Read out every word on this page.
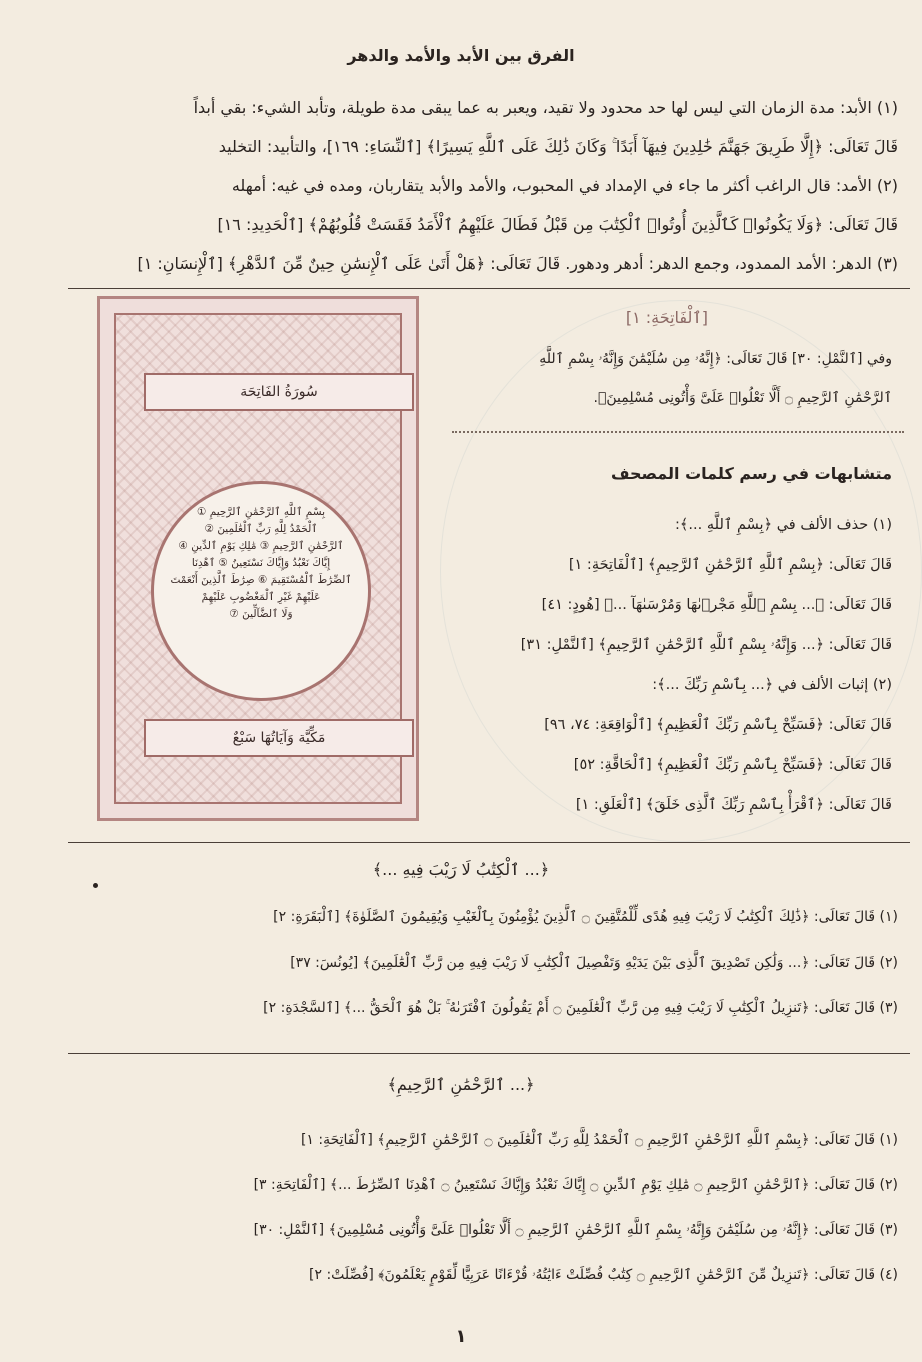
الفرق بين الأبد والأمد والدهر
(١) الأبد: مدة الزمان التي ليس لها حد محدود ولا تقيد، ويعبر به عما يبقى مدة طويلة، وتأبد الشيء: بقي أبداً
قَالَ تَعَالَى: ﴿إِلَّا طَرِيقَ جَهَنَّمَ خَٰلِدِينَ فِيهَآ أَبَدًا ۚ وَكَانَ ذَٰلِكَ عَلَى ٱللَّهِ يَسِيرًا﴾ [ٱلنِّسَاءِ: ١٦٩]، والتأبيد: التخليد
(٢) الأمد: قال الراغب أكثر ما جاء في الإمداد في المحبوب، والأمد والأبد يتقاربان، ومده في غيه: أمهله
قَالَ تَعَالَى: ﴿وَلَا يَكُونُوا۟ كَٱلَّذِينَ أُوتُوا۟ ٱلْكِتَٰبَ مِن قَبْلُ فَطَالَ عَلَيْهِمُ ٱلْأَمَدُ فَقَسَتْ قُلُوبُهُمْ﴾ [ٱلْحَدِيدِ: ١٦]
(٣) الدهر: الأمد الممدود، وجمع الدهر: أدهر ودهور. قَالَ تَعَالَى: ﴿هَلْ أَتَىٰ عَلَى ٱلْإِنسَٰنِ حِينٌ مِّنَ ٱلدَّهْرِ﴾ [ٱلْإِنسَانِ: ١]
سُورَةُ الفَاتِحَة
بِسْمِ ٱللَّهِ ٱلرَّحْمَٰنِ ٱلرَّحِيمِ ①
ٱلْحَمْدُ لِلَّهِ رَبِّ ٱلْعَٰلَمِينَ ②
ٱلرَّحْمَٰنِ ٱلرَّحِيمِ ③ مَٰلِكِ يَوْمِ ٱلدِّينِ ④
إِيَّاكَ نَعْبُدُ وَإِيَّاكَ نَسْتَعِينُ ⑤ ٱهْدِنَا
ٱلصِّرَٰطَ ٱلْمُسْتَقِيمَ ⑥ صِرَٰطَ ٱلَّذِينَ أَنْعَمْتَ
عَلَيْهِمْ غَيْرِ ٱلْمَغْضُوبِ عَلَيْهِمْ
وَلَا ٱلضَّآلِّينَ ⑦
مَكِّيَّة وَآيَاتُهَا سَبْعٌ
[ٱلْفَاتِحَةِ: ١]
وفي [ٱلنَّمْلِ: ٣٠] قَالَ تَعَالَى: ﴿إِنَّهُۥ مِن سُلَيْمَٰنَ وَإِنَّهُۥ بِسْمِ ٱللَّهِ
ٱلرَّحْمَٰنِ ٱلرَّحِيمِ ۝ أَلَّا تَعْلُوا۟ عَلَىَّ وَأْتُونِى مُسْلِمِينَ﴾.
متشابهات في رسم كلمات المصحف
(١) حذف الألف في ﴿بِسْمِ ٱللَّهِ ...﴾:
قَالَ تَعَالَى: ﴿بِسْمِ ٱللَّهِ ٱلرَّحْمَٰنِ ٱلرَّحِيمِ﴾ [ٱلْفَاتِحَةِ: ١]
قَالَ تَعَالَى: ﴿... بِسْمِ ٱللَّهِ مَجْرٜىٰهَا وَمُرْسَىٰهَآ ...﴾ [هُودٍ: ٤١]
قَالَ تَعَالَى: ﴿... وَإِنَّهُۥ بِسْمِ ٱللَّهِ ٱلرَّحْمَٰنِ ٱلرَّحِيمِ﴾ [ٱلنَّمْلِ: ٣١]
(٢) إثبات الألف في ﴿... بِٱسْمِ رَبِّكَ ...﴾:
قَالَ تَعَالَى: ﴿فَسَبِّحْ بِٱسْمِ رَبِّكَ ٱلْعَظِيمِ﴾ [ٱلْوَاقِعَةِ: ٧٤، ٩٦]
قَالَ تَعَالَى: ﴿فَسَبِّحْ بِٱسْمِ رَبِّكَ ٱلْعَظِيمِ﴾ [ٱلْحَاقَّةِ: ٥٢]
قَالَ تَعَالَى: ﴿ٱقْرَأْ بِٱسْمِ رَبِّكَ ٱلَّذِى خَلَقَ﴾ [ٱلْعَلَقِ: ١]
﴿... ٱلْكِتَٰبُ لَا رَيْبَ فِيهِ ...﴾
(١) قَالَ تَعَالَى: ﴿ذَٰلِكَ ٱلْكِتَٰبُ لَا رَيْبَ فِيهِ هُدًى لِّلْمُتَّقِينَ ۝ ٱلَّذِينَ يُؤْمِنُونَ بِٱلْغَيْبِ وَيُقِيمُونَ ٱلصَّلَوٰةَ﴾ [ٱلْبَقَرَةِ: ٢]
(٢) قَالَ تَعَالَى: ﴿... وَلَٰكِن تَصْدِيقَ ٱلَّذِى بَيْنَ يَدَيْهِ وَتَفْصِيلَ ٱلْكِتَٰبِ لَا رَيْبَ فِيهِ مِن رَّبِّ ٱلْعَٰلَمِينَ﴾ [يُونُسَ: ٣٧]
(٣) قَالَ تَعَالَى: ﴿تَنزِيلُ ٱلْكِتَٰبِ لَا رَيْبَ فِيهِ مِن رَّبِّ ٱلْعَٰلَمِينَ ۝ أَمْ يَقُولُونَ ٱفْتَرَىٰهُ ۚ بَلْ هُوَ ٱلْحَقُّ ...﴾ [ٱلسَّجْدَةِ: ٢]
﴿... ٱلرَّحْمَٰنِ ٱلرَّحِيمِ﴾
(١) قَالَ تَعَالَى: ﴿بِسْمِ ٱللَّهِ ٱلرَّحْمَٰنِ ٱلرَّحِيمِ ۝ ٱلْحَمْدُ لِلَّهِ رَبِّ ٱلْعَٰلَمِينَ ۝ ٱلرَّحْمَٰنِ ٱلرَّحِيمِ﴾ [ٱلْفَاتِحَةِ: ١]
(٢) قَالَ تَعَالَى: ﴿ٱلرَّحْمَٰنِ ٱلرَّحِيمِ ۝ مَٰلِكِ يَوْمِ ٱلدِّينِ ۝ إِيَّاكَ نَعْبُدُ وَإِيَّاكَ نَسْتَعِينُ ۝ ٱهْدِنَا ٱلصِّرَٰطَ ...﴾ [ٱلْفَاتِحَةِ: ٣]
(٣) قَالَ تَعَالَى: ﴿إِنَّهُۥ مِن سُلَيْمَٰنَ وَإِنَّهُۥ بِسْمِ ٱللَّهِ ٱلرَّحْمَٰنِ ٱلرَّحِيمِ ۝ أَلَّا تَعْلُوا۟ عَلَىَّ وَأْتُونِى مُسْلِمِينَ﴾ [ٱلنَّمْلِ: ٣٠]
(٤) قَالَ تَعَالَى: ﴿تَنزِيلٌ مِّنَ ٱلرَّحْمَٰنِ ٱلرَّحِيمِ ۝ كِتَٰبٌ فُصِّلَتْ ءَايَٰتُهُۥ قُرْءَانًا عَرَبِيًّا لِّقَوْمٍ يَعْلَمُونَ﴾ [فُصِّلَتْ: ٢]
١
